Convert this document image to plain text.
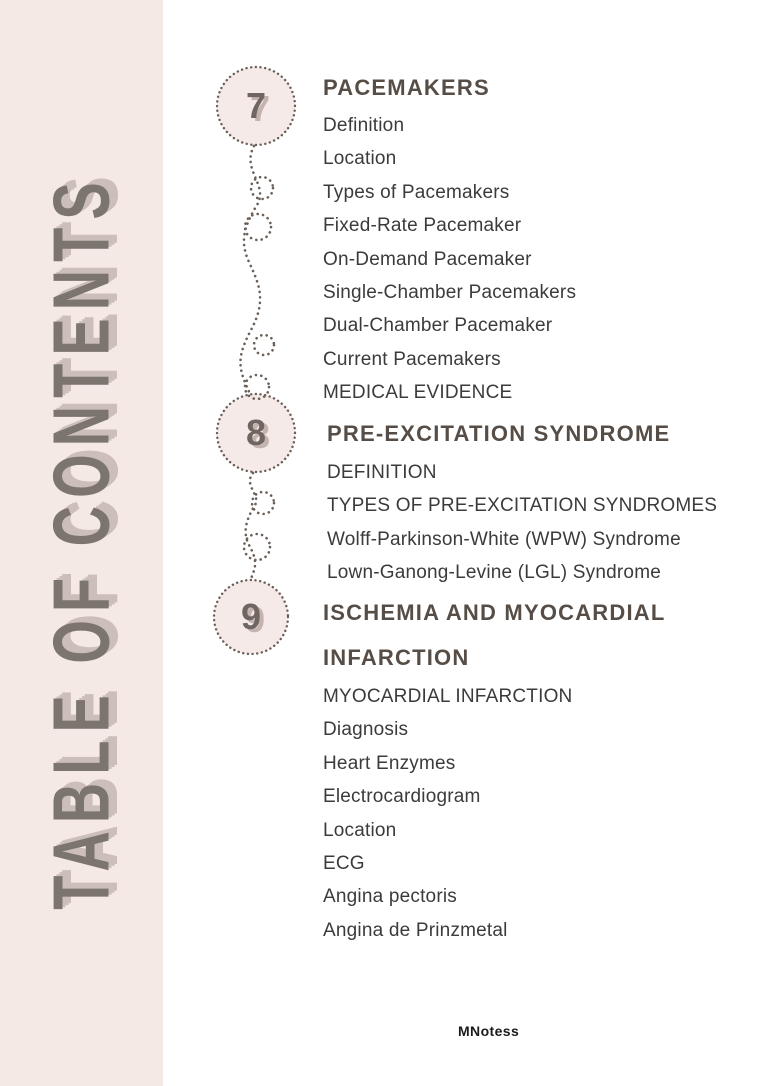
TABLE OF CONTENTS
7
8
9
PACEMAKERS
Definition
Location
Types of Pacemakers
Fixed-Rate Pacemaker
On-Demand Pacemaker
Single-Chamber Pacemakers
Dual-Chamber Pacemaker
Current Pacemakers
MEDICAL EVIDENCE
PRE-EXCITATION SYNDROME
DEFINITION
TYPES OF PRE-EXCITATION SYNDROMES
Wolff-Parkinson-White (WPW) Syndrome
Lown-Ganong-Levine (LGL) Syndrome
ISCHEMIA AND MYOCARDIAL INFARCTION
MYOCARDIAL INFARCTION
Diagnosis
Heart Enzymes
Electrocardiogram
Location
ECG
Angina pectoris
Angina de Prinzmetal
MNotess
